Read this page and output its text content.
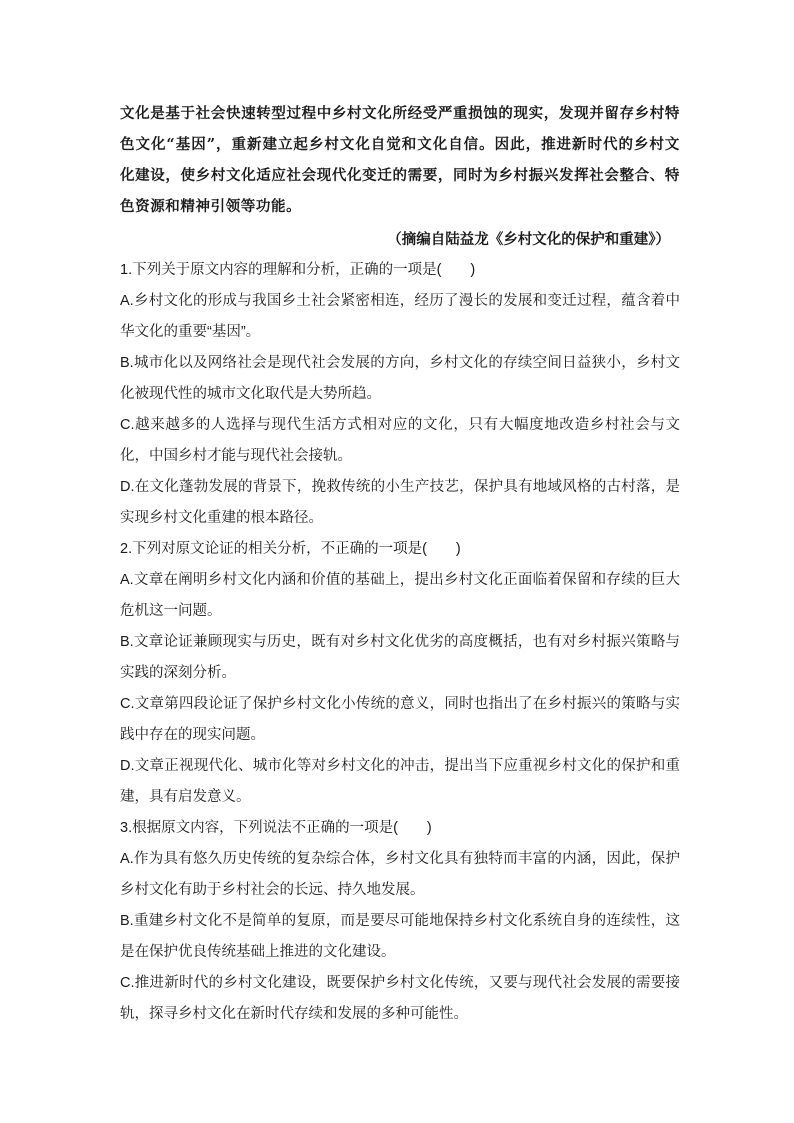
文化是基于社会快速转型过程中乡村文化所经受严重损蚀的现实，发现并留存乡村特色文化“基因”，重新建立起乡村文化自觉和文化自信。因此，推进新时代的乡村文化建设，使乡村文化适应社会现代化变迁的需要，同时为乡村振兴发挥社会整合、特色资源和精神引领等功能。

（摘编自陆益龙《乡村文化的保护和重建》）

1.下列关于原文内容的理解和分析，正确的一项是(　　)

A.乡村文化的形成与我国乡土社会紧密相连，经历了漫长的发展和变迁过程，蕴含着中华文化的重要“基因”。

B.城市化以及网络社会是现代社会发展的方向，乡村文化的存续空间日益狭小，乡村文化被现代性的城市文化取代是大势所趋。

C.越来越多的人选择与现代生活方式相对应的文化，只有大幅度地改造乡村社会与文化，中国乡村才能与现代社会接轨。

D.在文化蓬勃发展的背景下，挽救传统的小生产技艺，保护具有地域风格的古村落，是实现乡村文化重建的根本路径。

2.下列对原文论证的相关分析，不正确的一项是(　　)

A.文章在阐明乡村文化内涵和价值的基础上，提出乡村文化正面临着保留和存续的巨大危机这一问题。

B.文章论证兼顾现实与历史，既有对乡村文化优劣的高度概括，也有对乡村振兴策略与实践的深刻分析。

C.文章第四段论证了保护乡村文化小传统的意义，同时也指出了在乡村振兴的策略与实践中存在的现实问题。

D.文章正视现代化、城市化等对乡村文化的冲击，提出当下应重视乡村文化的保护和重建，具有启发意义。

3.根据原文内容，下列说法不正确的一项是(　　)

A.作为具有悠久历史传统的复杂综合体，乡村文化具有独特而丰富的内涵，因此，保护乡村文化有助于乡村社会的长远、持久地发展。

B.重建乡村文化不是简单的复原，而是要尽可能地保持乡村文化系统自身的连续性，这是在保护优良传统基础上推进的文化建设。

C.推进新时代的乡村文化建设，既要保护乡村文化传统，又要与现代社会发展的需要接轨，探寻乡村文化在新时代存续和发展的多种可能性。
